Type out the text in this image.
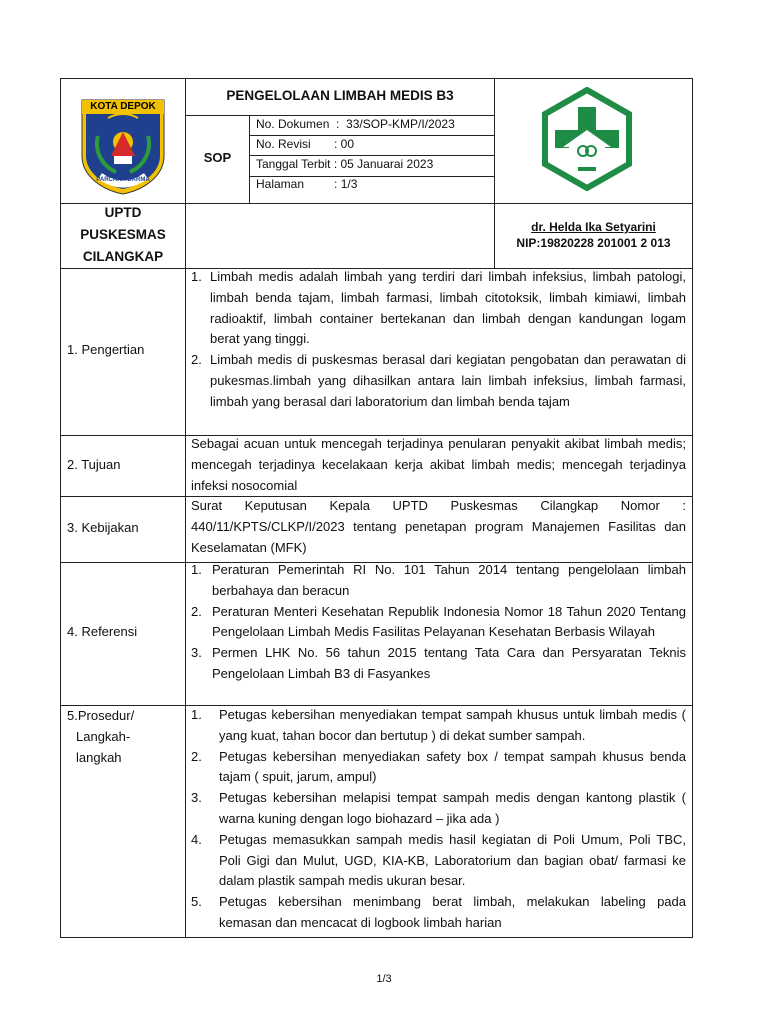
KOTA DEPOK
PARCARA DARMA
PENGELOLAAN LIMBAH MEDIS B3
SOP
No. Dokumen  :  33/SOP-KMP/I/2023
No. Revisi       : 00
Tanggal Terbit : 05 Januarai 2023
Halaman         : 1/3
UPTD
PUSKESMAS
CILANGKAP
dr. Helda Ika Setyarini
NIP:19820228 201001 2 013
1. Pengertian
1. Limbah medis adalah limbah yang terdiri dari limbah infeksius, limbah patologi, limbah benda tajam, limbah farmasi, limbah citotoksik, limbah kimiawi, limbah radioaktif, limbah container bertekanan dan limbah dengan kandungan logam berat yang tinggi.
2. Limbah medis di puskesmas berasal dari kegiatan pengobatan dan perawatan di pukesmas.limbah yang dihasilkan antara lain limbah infeksius, limbah farmasi, limbah yang berasal dari laboratorium dan limbah benda tajam
2. Tujuan
Sebagai acuan untuk mencegah terjadinya penularan penyakit akibat limbah medis; mencegah terjadinya kecelakaan kerja akibat limbah medis; mencegah terjadinya infeksi nosocomial
3. Kebijakan
Surat Keputusan Kepala UPTD Puskesmas Cilangkap Nomor : 440/11/KPTS/CLKP/I/2023 tentang penetapan program Manajemen Fasilitas dan Keselamatan (MFK)
4. Referensi
1. Peraturan Pemerintah RI No. 101 Tahun 2014 tentang pengelolaan limbah berbahaya dan beracun
2. Peraturan Menteri Kesehatan Republik Indonesia Nomor 18 Tahun 2020 Tentang Pengelolaan Limbah Medis Fasilitas Pelayanan Kesehatan Berbasis Wilayah
3. Permen LHK No. 56 tahun 2015 tentang Tata Cara dan Persyaratan Teknis Pengelolaan Limbah B3 di Fasyankes
5.Prosedur/
Langkah-
langkah
1. Petugas kebersihan menyediakan tempat sampah khusus untuk limbah medis ( yang kuat, tahan bocor dan bertutup ) di dekat sumber sampah.
2. Petugas kebersihan menyediakan safety box / tempat sampah khusus benda tajam ( spuit, jarum, ampul)
3. Petugas kebersihan melapisi tempat sampah medis dengan kantong plastik ( warna kuning dengan logo biohazard – jika ada )
4. Petugas memasukkan sampah medis hasil kegiatan di Poli Umum, Poli TBC, Poli Gigi dan Mulut, UGD, KIA-KB, Laboratorium dan bagian obat/ farmasi ke dalam plastik sampah medis ukuran besar.
5. Petugas kebersihan menimbang berat limbah, melakukan labeling pada kemasan dan mencacat di logbook limbah harian
1/3
